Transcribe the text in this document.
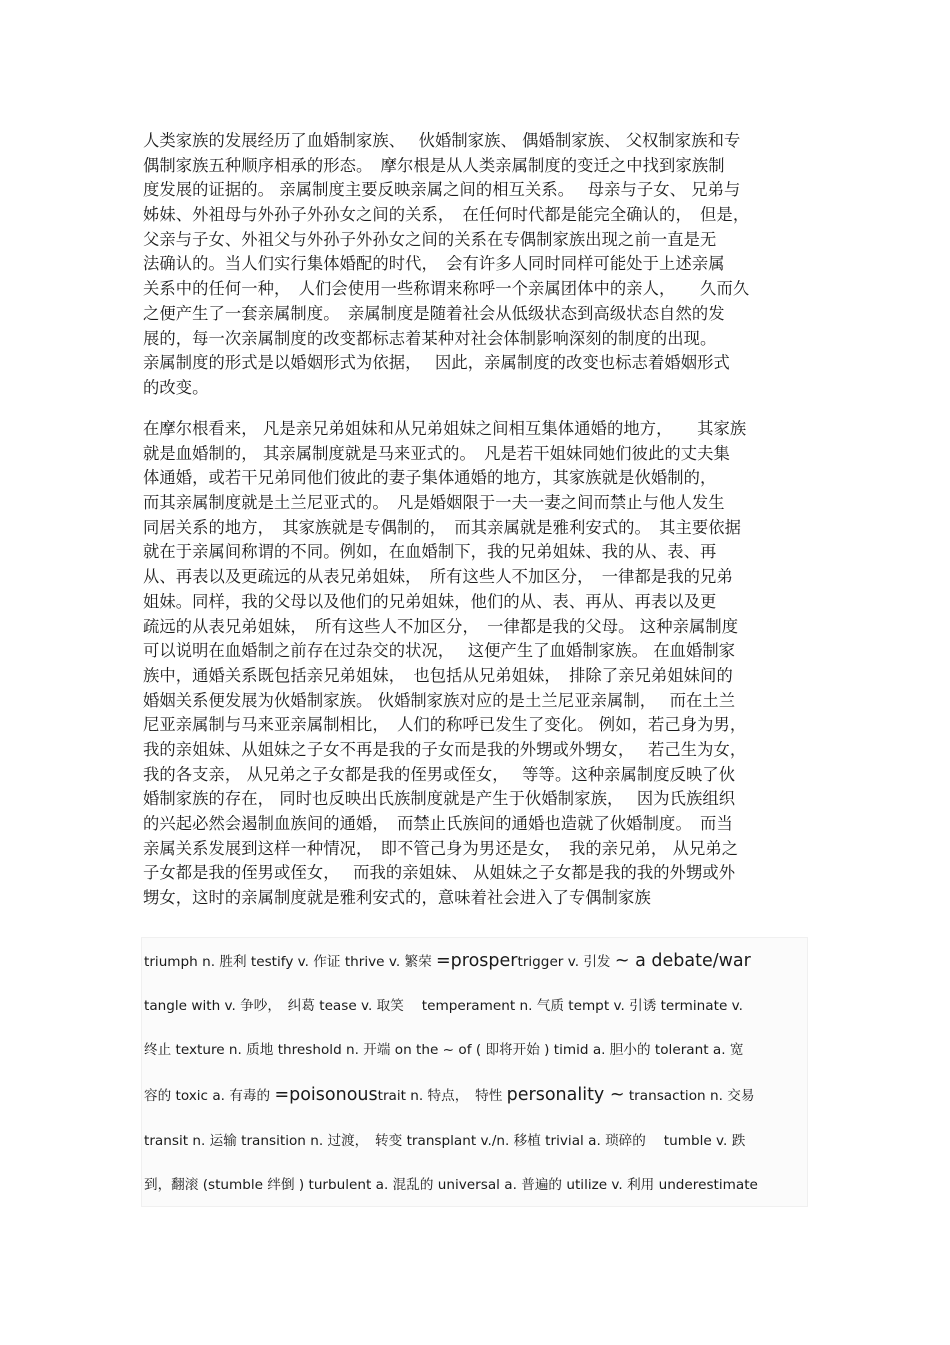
人类家族的发展经历了血婚制家族、　 伙婚制家族、 偶婚制家族、 父权制家族和专
偶制家族五种顺序相承的形态。　摩尔根是从人类亲属制度的变迁之中找到家族制
度发展的证据的。 亲属制度主要反映亲属之间的相互关系。　 母亲与子女、 兄弟与
姊妹、外祖母与外孙子外孙女之间的关系，　在任何时代都是能完全确认的，　但是，
父亲与子女、外祖父与外孙子外孙女之间的关系在专偶制家族出现之前一直是无
法确认的。当人们实行集体婚配的时代，　会有许多人同时同样可能处于上述亲属
关系中的任何一种，　人们会使用一些称谓来称呼一个亲属团体中的亲人，　　久而久
之便产生了一套亲属制度。　亲属制度是随着社会从低级状态到高级状态自然的发
展的，每一次亲属制度的改变都标志着某种对社会体制影响深刻的制度的出现。
亲属制度的形式是以婚姻形式为依据，　 因此，亲属制度的改变也标志着婚姻形式
的改变。
在摩尔根看来， 凡是亲兄弟姐妹和从兄弟姐妹之间相互集体通婚的地方，　　其家族
就是血婚制的， 其亲属制度就是马来亚式的。　凡是若干姐妹同她们彼此的丈夫集
体通婚，或若干兄弟同他们彼此的妻子集体通婚的地方，其家族就是伙婚制的，
而其亲属制度就是土兰尼亚式的。　凡是婚姻限于一夫一妻之间而禁止与他人发生
同居关系的地方，　其家族就是专偶制的，　而其亲属就是雅利安式的。　其主要依据
就在于亲属间称谓的不同。例如，在血婚制下，我的兄弟姐妹、我的从、表、再
从、再表以及更疏远的从表兄弟姐妹，　所有这些人不加区分，　一律都是我的兄弟
姐妹。同样，我的父母以及他们的兄弟姐妹，他们的从、表、再从、再表以及更
疏远的从表兄弟姐妹，　所有这些人不加区分，　一律都是我的父母。 这种亲属制度
可以说明在血婚制之前存在过杂交的状况，　 这便产生了血婚制家族。 在血婚制家
族中，通婚关系既包括亲兄弟姐妹，　也包括从兄弟姐妹，　排除了亲兄弟姐妹间的
婚姻关系便发展为伙婚制家族。 伙婚制家族对应的是土兰尼亚亲属制，　 而在土兰
尼亚亲属制与马来亚亲属制相比，　人们的称呼已发生了变化。 例如，若己身为男，
我的亲姐妹、从姐妹之子女不再是我的子女而是我的外甥或外甥女，　 若己生为女，
我的各支亲， 从兄弟之子女都是我的侄男或侄女，　 等等。这种亲属制度反映了伙
婚制家族的存在， 同时也反映出氏族制度就是产生于伙婚制家族，　 因为氏族组织
的兴起必然会遏制血族间的通婚，　而禁止氏族间的通婚也造就了伙婚制度。　而当
亲属关系发展到这样一种情况，　即不管己身为男还是女，　我的亲兄弟， 从兄弟之
子女都是我的侄男或侄女，　 而我的亲姐妹、 从姐妹之子女都是我的我的外甥或外
甥女，这时的亲属制度就是雅利安式的，意味着社会进入了专偶制家族
triumph n. 胜利 testify v. 作证 thrive v. 繁荣 =prospertrigger v. 引发 ~ a debate/war
tangle with v. 争吵，　纠葛 tease v. 取笑　 temperament n. 气质 tempt v. 引诱 terminate v.
终止 texture n. 质地 threshold n. 开端 on the ~ of ( 即将开始 ) timid a. 胆小的 tolerant a. 宽
容的 toxic a. 有毒的 =poisonoustrait n. 特点，　特性 personality ~ transaction n. 交易
transit n. 运输 transition n. 过渡，　转变 transplant v./n. 移植 trivial a. 琐碎的　 tumble v. 跌
到，翻滚 (stumble 绊倒 ) turbulent a. 混乱的 universal a. 普遍的 utilize v. 利用 underestimate
